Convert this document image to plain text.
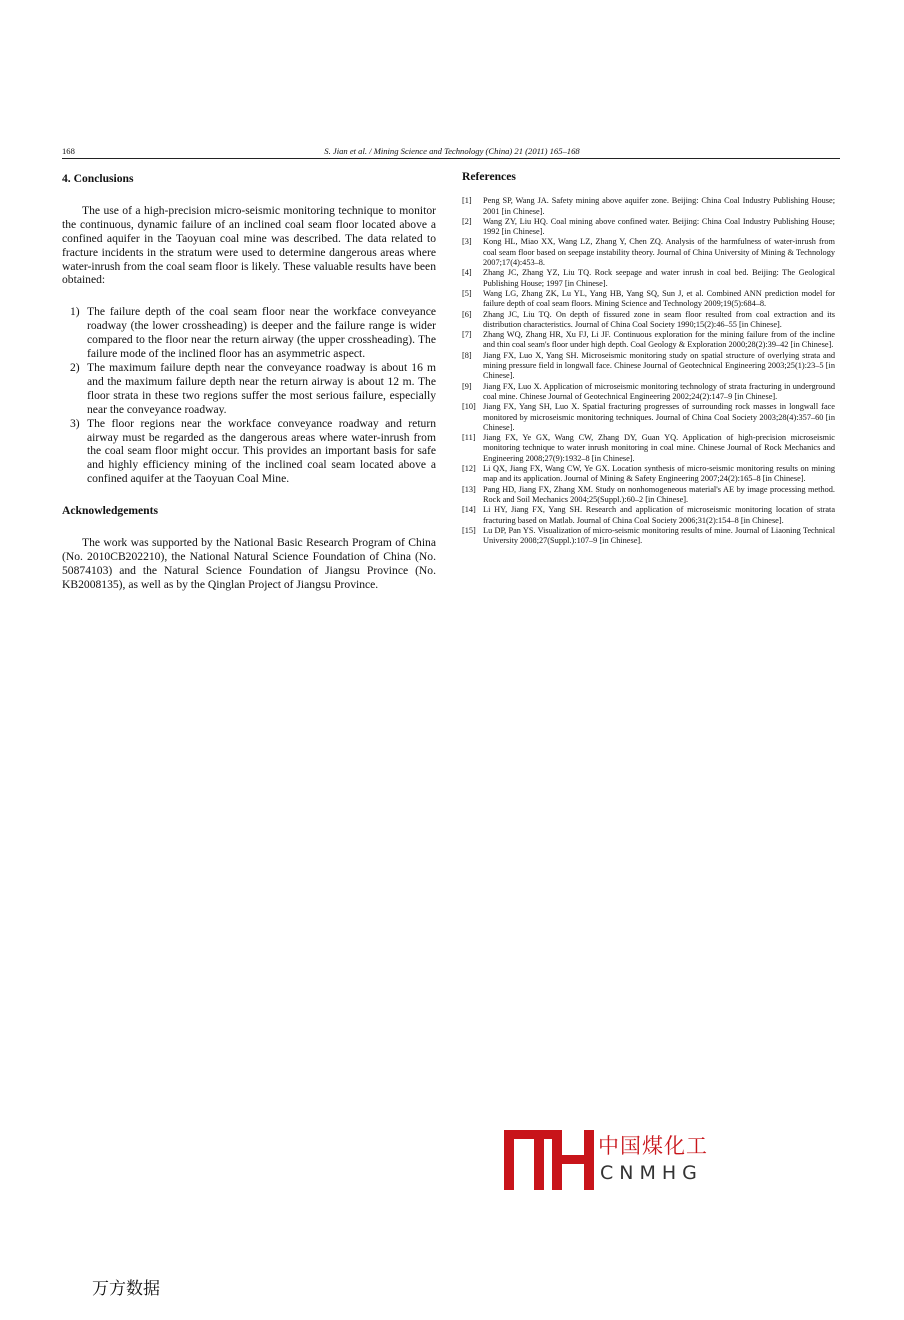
168	S. Jian et al. / Mining Science and Technology (China) 21 (2011) 165–168
4. Conclusions

The use of a high-precision micro-seismic monitoring technique to monitor the continuous, dynamic failure of an inclined coal seam floor located above a confined aquifer in the Taoyuan coal mine was described. The data related to fracture incidents in the stratum were used to determine dangerous areas where water-inrush from the coal seam floor is likely. These valuable results have been obtained:

1) The failure depth of the coal seam floor near the workface conveyance roadway (the lower crossheading) is deeper and the failure range is wider compared to the floor near the return airway (the upper crossheading). The failure mode of the inclined floor has an asymmetric aspect.
2) The maximum failure depth near the conveyance roadway is about 16 m and the maximum failure depth near the return airway is about 12 m. The floor strata in these two regions suffer the most serious failure, especially near the conveyance roadway.
3) The floor regions near the workface conveyance roadway and return airway must be regarded as the dangerous areas where water-inrush from the coal seam floor might occur. This provides an important basis for safe and highly efficiency mining of the inclined coal seam located above a confined aquifer at the Taoyuan Coal Mine.
Acknowledgements

The work was supported by the National Basic Research Program of China (No. 2010CB202210), the National Natural Science Foundation of China (No. 50874103) and the Natural Science Foundation of Jiangsu Province (No. KB2008135), as well as by the Qinglan Project of Jiangsu Province.

References
[1] Peng SP, Wang JA. Safety mining above aquifer zone. Beijing: China Coal Industry Publishing House; 2001 [in Chinese].
[2] Wang ZY, Liu HQ. Coal mining above confined water. Beijing: China Coal Industry Publishing House; 1992 [in Chinese].
[3] Kong HL, Miao XX, Wang LZ, Zhang Y, Chen ZQ. Analysis of the harmfulness of water-inrush from coal seam floor based on seepage instability theory. Journal of China University of Mining & Technology 2007;17(4):453–8.
[4] Zhang JC, Zhang YZ, Liu TQ. Rock seepage and water inrush in coal bed. Beijing: The Geological Publishing House; 1997 [in Chinese].
[5] Wang LG, Zhang ZK, Lu YL, Yang HB, Yang SQ, Sun J, et al. Combined ANN prediction model for failure depth of coal seam floors. Mining Science and Technology 2009;19(5):684–8.
[6] Zhang JC, Liu TQ. On depth of fissured zone in seam floor resulted from coal extraction and its distribution characteristics. Journal of China Coal Society 1990;15(2):46–55 [in Chinese].
[7] Zhang WQ, Zhang HR, Xu FJ, Li JF. Continuous exploration for the mining failure from of the incline and thin coal seam's floor under high depth. Coal Geology & Exploration 2000;28(2):39–42 [in Chinese].
[8] Jiang FX, Luo X, Yang SH. Microseismic monitoring study on spatial structure of overlying strata and mining pressure field in longwall face. Chinese Journal of Geotechnical Engineering 2003;25(1):23–5 [in Chinese].
[9] Jiang FX, Luo X. Application of microseismic monitoring technology of strata fracturing in underground coal mine. Chinese Journal of Geotechnical Engineering 2002;24(2):147–9 [in Chinese].
[10] Jiang FX, Yang SH, Luo X. Spatial fracturing progresses of surrounding rock masses in longwall face monitored by microseismic monitoring techniques. Journal of China Coal Society 2003;28(4):357–60 [in Chinese].
[11] Jiang FX, Ye GX, Wang CW, Zhang DY, Guan YQ. Application of high-precision microseismic monitoring technique to water inrush monitoring in coal mine. Chinese Journal of Rock Mechanics and Engineering 2008;27(9):1932–8 [in Chinese].
[12] Li QX, Jiang FX, Wang CW, Ye GX. Location synthesis of micro-seismic monitoring results on mining map and its application. Journal of Mining & Safety Engineering 2007;24(2):165–8 [in Chinese].
[13] Pang HD, Jiang FX, Zhang XM. Study on nonhomogeneous material's AE by image processing method. Rock and Soil Mechanics 2004;25(Suppl.):60–2 [in Chinese].
[14] Li HY, Jiang FX, Yang SH. Research and application of microseismic monitoring location of strata fracturing based on Matlab. Journal of China Coal Society 2006;31(2):154–8 [in Chinese].
[15] Lu DP, Pan YS. Visualization of micro-seismic monitoring results of mine. Journal of Liaoning Technical University 2008;27(Suppl.):107–9 [in Chinese].
中国煤化工
CNMHG
万方数据
